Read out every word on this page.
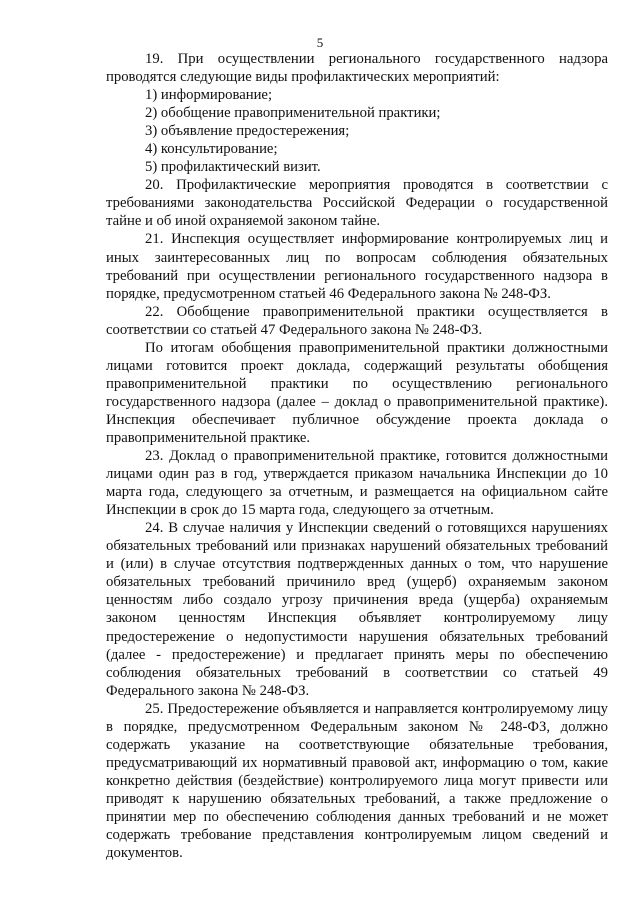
5

19. При осуществлении регионального государственного надзора проводятся следующие виды профилактических мероприятий:

1) информирование;

2) обобщение правоприменительной практики;

3) объявление предостережения;

4) консультирование;

5) профилактический визит.

20. Профилактические мероприятия проводятся в соответствии с требованиями законодательства Российской Федерации о государственной тайне и об иной охраняемой законом тайне.

21. Инспекция осуществляет информирование контролируемых лиц и иных заинтересованных лиц по вопросам соблюдения обязательных требований при осуществлении регионального государственного надзора в порядке, предусмотренном статьей 46 Федерального закона № 248-ФЗ.

22. Обобщение правоприменительной практики осуществляется в соответствии со статьей 47 Федерального закона № 248-ФЗ.

По итогам обобщения правоприменительной практики должностными лицами готовится проект доклада, содержащий результаты обобщения правоприменительной практики по осуществлению регионального государственного надзора (далее – доклад о правоприменительной практике). Инспекция обеспечивает публичное обсуждение проекта доклада о правоприменительной практике.

23. Доклад о правоприменительной практике, готовится должностными лицами один раз в год, утверждается приказом начальника Инспекции до 10 марта года, следующего за отчетным, и размещается на официальном сайте Инспекции в срок до 15 марта года, следующего за отчетным.

24. В случае наличия у Инспекции сведений о готовящихся нарушениях обязательных требований или признаках нарушений обязательных требований и (или) в случае отсутствия подтвержденных данных о том, что нарушение обязательных требований причинило вред (ущерб) охраняемым законом ценностям либо создало угрозу причинения вреда (ущерба) охраняемым законом ценностям Инспекция объявляет контролируемому лицу предостережение о недопустимости нарушения обязательных требований (далее - предостережение) и предлагает принять меры по обеспечению соблюдения обязательных требований в соответствии со статьей 49 Федерального закона № 248-ФЗ.

25. Предостережение объявляется и направляется контролируемому лицу в порядке, предусмотренном Федеральным законом № 248-ФЗ, должно содержать указание на соответствующие обязательные требования, предусматривающий их нормативный правовой акт, информацию о том, какие конкретно действия (бездействие) контролируемого лица могут привести или приводят к нарушению обязательных требований, а также предложение о принятии мер по обеспечению соблюдения данных требований и не может содержать требование представления контролируемым лицом сведений и документов.
